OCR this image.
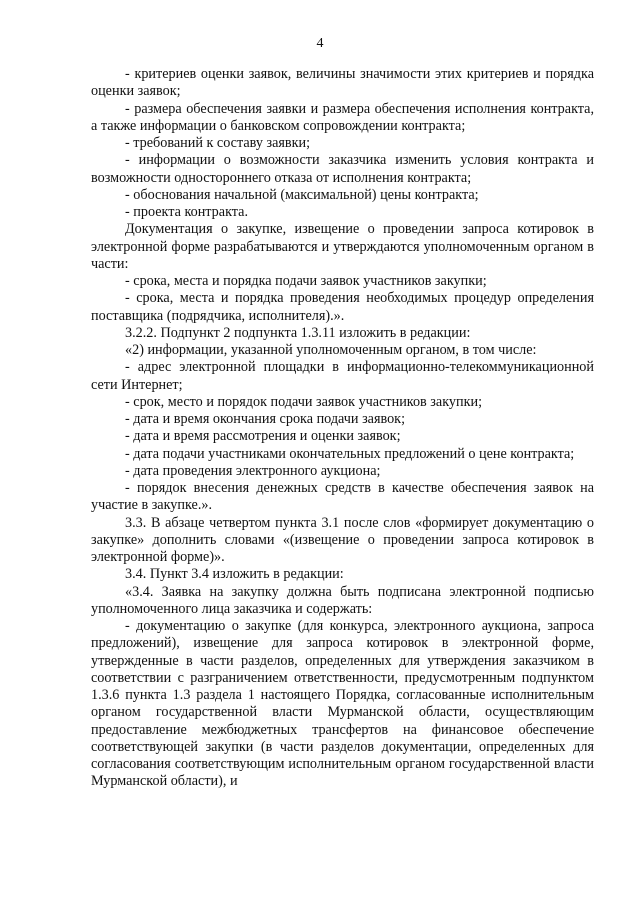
4

- критериев оценки заявок, величины значимости этих критериев и порядка оценки заявок;

- размера обеспечения заявки и размера обеспечения исполнения контракта, а также информации о банковском сопровождении контракта;

- требований к составу заявки;

- информации о возможности заказчика изменить условия контракта и возможности одностороннего отказа от исполнения контракта;

- обоснования начальной (максимальной) цены контракта;

- проекта контракта.

Документация о закупке, извещение о проведении запроса котировок в электронной форме разрабатываются и утверждаются уполномоченным органом в части:

- срока, места и порядка подачи заявок участников закупки;

- срока, места и порядка проведения необходимых процедур определения поставщика (подрядчика, исполнителя).».

3.2.2. Подпункт 2 подпункта 1.3.11 изложить в редакции:

«2) информации, указанной уполномоченным органом, в том числе:

- адрес электронной площадки в информационно-телекоммуникационной сети Интернет;

- срок, место и порядок подачи заявок участников закупки;

- дата и время окончания срока подачи заявок;

- дата и время рассмотрения и оценки заявок;

- дата подачи участниками окончательных предложений о цене контракта;

- дата проведения электронного аукциона;

- порядок внесения денежных средств в качестве обеспечения заявок на участие в закупке.».

3.3. В абзаце четвертом пункта 3.1 после слов «формирует документацию о закупке» дополнить словами «(извещение о проведении запроса котировок в электронной форме)».

3.4. Пункт 3.4 изложить в редакции:

«3.4. Заявка на закупку должна быть подписана электронной подписью уполномоченного лица заказчика и содержать:

- документацию о закупке (для конкурса, электронного аукциона, запроса предложений), извещение для запроса котировок в электронной форме, утвержденные в части разделов, определенных для утверждения заказчиком в соответствии с разграничением ответственности, предусмотренным подпунктом 1.3.6 пункта 1.3 раздела 1 настоящего Порядка, согласованные исполнительным органом государственной власти Мурманской области, осуществляющим предоставление межбюджетных трансфертов на финансовое обеспечение соответствующей закупки (в части разделов документации, определенных для согласования соответствующим исполнительным органом государственной власти Мурманской области), и
